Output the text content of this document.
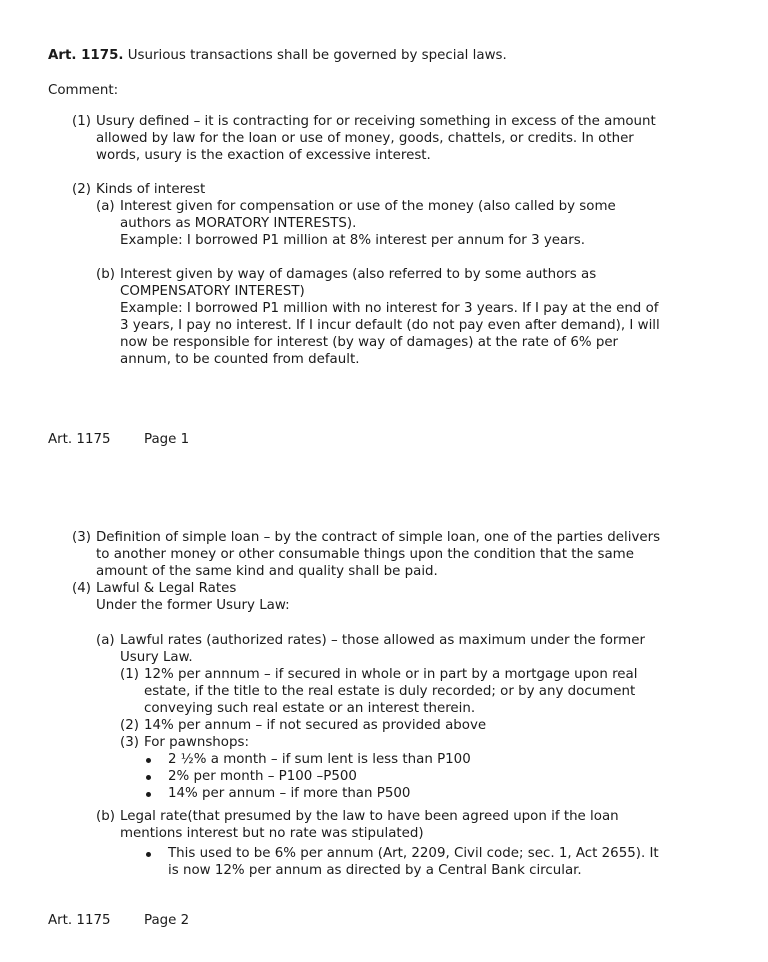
Art. 1175. Usurious transactions shall be governed by special laws.
Comment:
(1) Usury defined – it is contracting for or receiving something in excess of the amount
allowed by law for the loan or use of money, goods, chattels, or credits. In other
words, usury is the exaction of excessive interest.
(2) Kinds of interest
(a) Interest given for compensation or use of the money (also called by some
authors as MORATORY INTERESTS).
Example: I borrowed P1 million at 8% interest per annum for 3 years.
(b) Interest given by way of damages (also referred to by some authors as
COMPENSATORY INTEREST)
Example: I borrowed P1 million with no interest for 3 years. If I pay at the end of
3 years, I pay no interest. If I incur default (do not pay even after demand), I will
now be responsible for interest (by way of damages) at the rate of 6% per
annum, to be counted from default.
Art. 1175 Page 1
(3) Definition of simple loan – by the contract of simple loan, one of the parties delivers
to another money or other consumable things upon the condition that the same
amount of the same kind and quality shall be paid.
(4) Lawful & Legal Rates
Under the former Usury Law:
(a) Lawful rates (authorized rates) – those allowed as maximum under the former
Usury Law.
(1) 12% per annnum – if secured in whole or in part by a mortgage upon real
estate, if the title to the real estate is duly recorded; or by any document
conveying such real estate or an interest therein.
(2) 14% per annum – if not secured as provided above
(3) For pawnshops:
2 ½% a month – if sum lent is less than P100
2% per month – P100 –P500
14% per annum – if more than P500
(b) Legal rate(that presumed by the law to have been agreed upon if the loan
mentions interest but no rate was stipulated)
This used to be 6% per annum (Art, 2209, Civil code; sec. 1, Act 2655). It
is now 12% per annum as directed by a Central Bank circular.
Art. 1175 Page 2
